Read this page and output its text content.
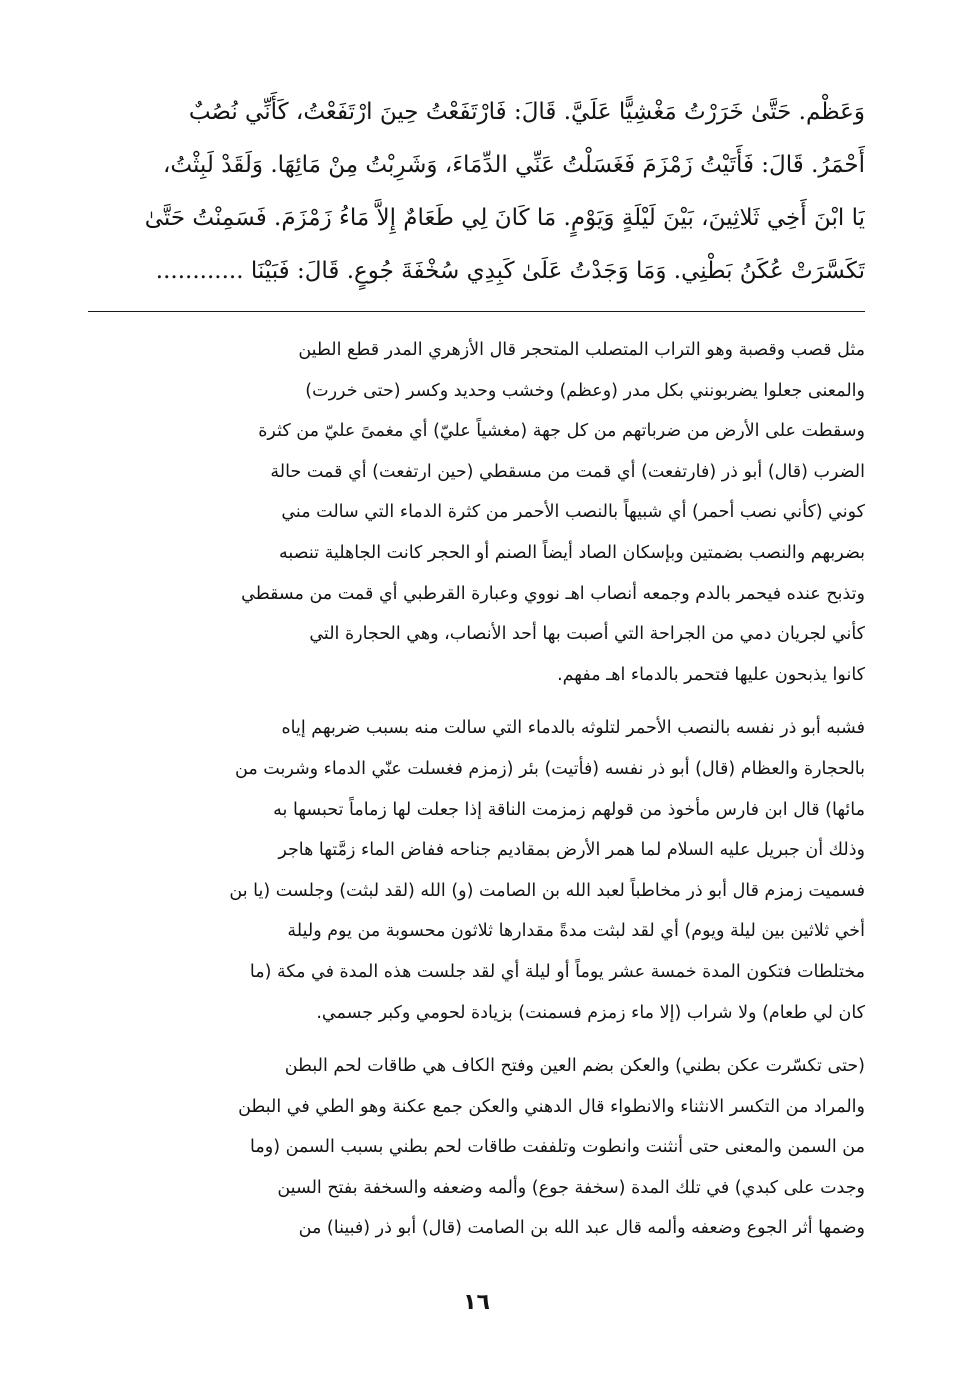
وَعَظْم. حَتَّىٰ خَرَرْتُ مَغْشِيًّا عَلَيَّ. قَالَ: فَارْتَفَعْتُ حِينَ ارْتَفَعْتُ، كَأَنِّي نُصُبٌ
أَحْمَرُ. قَالَ: فَأَتَيْتُ زَمْزَمَ فَغَسَلْتُ عَنِّي الدِّمَاءَ، وَشَرِبْتُ مِنْ مَائِهَا. وَلَقَدْ لَبِثْتُ،
يَا ابْنَ أَخِي ثَلاثِينَ، بَيْنَ لَيْلَةٍ وَيَوْمٍ. مَا كَانَ لِي طَعَامٌ إِلاَّ مَاءُ زَمْزَمَ. فَسَمِنْتُ حَتَّىٰ
تَكَسَّرَتْ عُكَنُ بَطْنِي. وَمَا وَجَدْتُ عَلَىٰ كَبِدِي سُخْفَةَ جُوعٍ. قَالَ: فَبَيْنَا ............
مثل قصب وقصبة وهو التراب المتصلب المتحجر قال الأزهري المدر قطع الطين
والمعنى جعلوا يضربونني بكل مدر (وعظم) وخشب وحديد وكسر (حتى خررت)
وسقطت على الأرض من ضرباتهم من كل جهة (مغشياً عليّ) أي مغمىً عليّ من كثرة
الضرب (قال) أبو ذر (فارتفعت) أي قمت من مسقطي (حين ارتفعت) أي قمت حالة
كوني (كأني نصب أحمر) أي شبيهاً بالنصب الأحمر من كثرة الدماء التي سالت مني
بضربهم والنصب بضمتين وبإسكان الصاد أيضاً الصنم أو الحجر كانت الجاهلية تنصبه
وتذبح عنده فيحمر بالدم وجمعه أنصاب اهـ نووي وعبارة القرطبي أي قمت من مسقطي
كأني لجريان دمي من الجراحة التي أصبت بها أحد الأنصاب، وهي الحجارة التي
كانوا يذبحون عليها فتحمر بالدماء اهـ مفهم.
فشبه أبو ذر نفسه بالنصب الأحمر لتلوثه بالدماء التي سالت منه بسبب ضربهم إياه
بالحجارة والعظام (قال) أبو ذر نفسه (فأتيت) بئر (زمزم فغسلت عنّي الدماء وشربت من
مائها) قال ابن فارس مأخوذ من قولهم زمزمت الناقة إذا جعلت لها زماماً تحبسها به
وذلك أن جبريل عليه السلام لما همر الأرض بمقاديم جناحه ففاض الماء زمَّتها هاجر
فسميت زمزم قال أبو ذر مخاطباً لعبد الله بن الصامت (و) الله (لقد لبثت) وجلست (يا بن
أخي ثلاثين بين ليلة ويوم) أي لقد لبثت مدةً مقدارها ثلاثون محسوبة من يوم وليلة
مختلطات فتكون المدة خمسة عشر يوماً أو ليلة أي لقد جلست هذه المدة في مكة (ما
كان لي طعام) ولا شراب (إلا ماء زمزم فسمنت) بزيادة لحومي وكبر جسمي.
(حتى تكسّرت عكن بطني) والعكن بضم العين وفتح الكاف هي طاقات لحم البطن
والمراد من التكسر الانثناء والانطواء قال الدهني والعكن جمع عكنة وهو الطي في البطن
من السمن والمعنى حتى أنثنت وانطوت وتلففت طاقات لحم بطني بسبب السمن (وما
وجدت على كبدي) في تلك المدة (سخفة جوع) وألمه وضعفه والسخفة بفتح السين
وضمها أثر الجوع وضعفه وألمه قال عبد الله بن الصامت (قال) أبو ذر (فبينا) من
١٦
